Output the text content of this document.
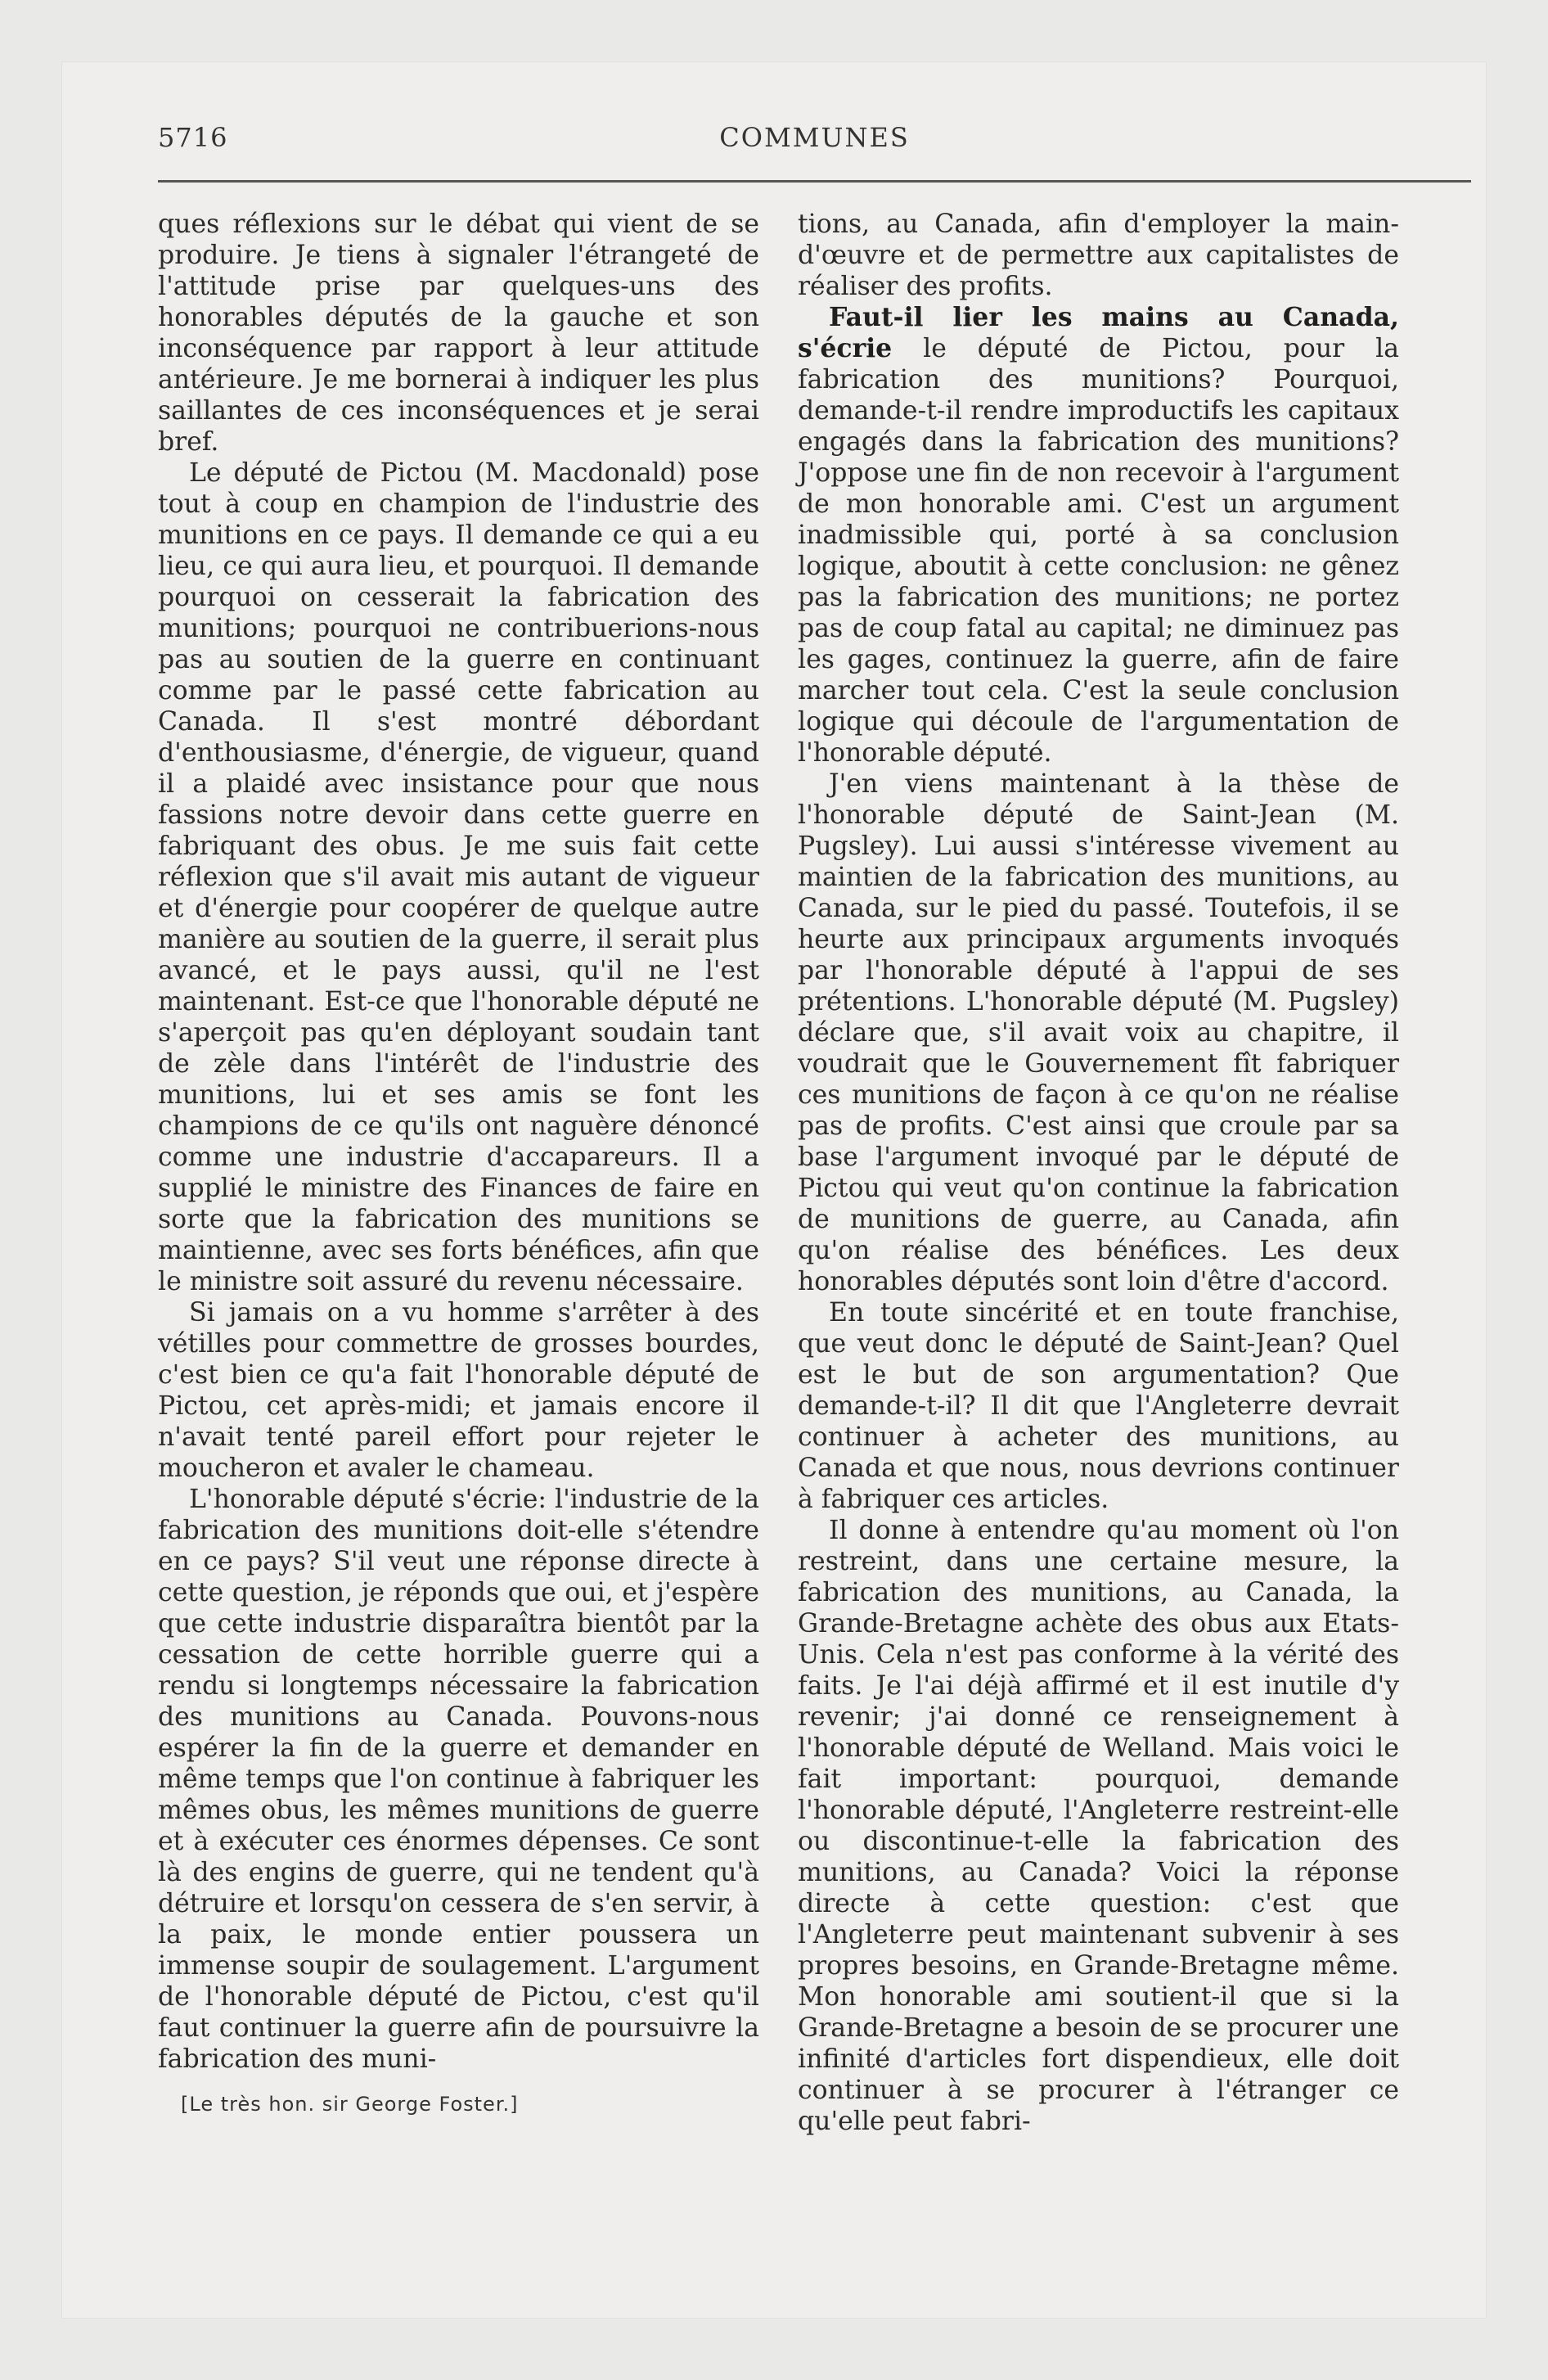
5716	COMMUNES

ques réflexions sur le débat qui vient de se produire. Je tiens à signaler l'étrangeté de l'attitude prise par quelques-uns des honorables députés de la gauche et son inconséquence par rapport à leur attitude antérieure. Je me bornerai à indiquer les plus saillantes de ces inconséquences et je serai bref.

Le député de Pictou (M. Macdonald) pose tout à coup en champion de l'industrie des munitions en ce pays. Il demande ce qui a eu lieu, ce qui aura lieu, et pourquoi. Il demande pourquoi on cesserait la fabrication des munitions; pourquoi ne contribuerions-nous pas au soutien de la guerre en continuant comme par le passé cette fabrication au Canada. Il s'est montré débordant d'enthousiasme, d'énergie, de vigueur, quand il a plaidé avec insistance pour que nous fassions notre devoir dans cette guerre en fabriquant des obus. Je me suis fait cette réflexion que s'il avait mis autant de vigueur et d'énergie pour coopérer de quelque autre manière au soutien de la guerre, il serait plus avancé, et le pays aussi, qu'il ne l'est maintenant. Est-ce que l'honorable député ne s'aperçoit pas qu'en déployant soudain tant de zèle dans l'intérêt de l'industrie des munitions, lui et ses amis se font les champions de ce qu'ils ont naguère dénoncé comme une industrie d'accapareurs. Il a supplié le ministre des Finances de faire en sorte que la fabrication des munitions se maintienne, avec ses forts bénéfices, afin que le ministre soit assuré du revenu nécessaire.

Si jamais on a vu homme s'arrêter à des vétilles pour commettre de grosses bourdes, c'est bien ce qu'a fait l'honorable député de Pictou, cet après-midi; et jamais encore il n'avait tenté pareil effort pour rejeter le moucheron et avaler le chameau.

L'honorable député s'écrie: l'industrie de la fabrication des munitions doit-elle s'étendre en ce pays? S'il veut une réponse directe à cette question, je réponds que oui, et j'espère que cette industrie disparaîtra bientôt par la cessation de cette horrible guerre qui a rendu si longtemps nécessaire la fabrication des munitions au Canada. Pouvons-nous espérer la fin de la guerre et demander en même temps que l'on continue à fabriquer les mêmes obus, les mêmes munitions de guerre et à exécuter ces énormes dépenses. Ce sont là des engins de guerre, qui ne tendent qu'à détruire et lorsqu'on cessera de s'en servir, à la paix, le monde entier poussera un immense soupir de soulagement. L'argument de l'honorable député de Pictou, c'est qu'il faut continuer la guerre afin de poursuivre la fabrication des muni-

[Le très hon. sir George Foster.]

tions, au Canada, afin d'employer la main-d'œuvre et de permettre aux capitalistes de réaliser des profits.

Faut-il lier les mains au Canada, s'écrie le député de Pictou, pour la fabrication des munitions? Pourquoi, demande-t-il rendre improductifs les capitaux engagés dans la fabrication des munitions? J'oppose une fin de non recevoir à l'argument de mon honorable ami. C'est un argument inadmissible qui, porté à sa conclusion logique, aboutit à cette conclusion: ne gênez pas la fabrication des munitions; ne portez pas de coup fatal au capital; ne diminuez pas les gages, continuez la guerre, afin de faire marcher tout cela. C'est la seule conclusion logique qui découle de l'argumentation de l'honorable député.

J'en viens maintenant à la thèse de l'honorable député de Saint-Jean (M. Pugsley). Lui aussi s'intéresse vivement au maintien de la fabrication des munitions, au Canada, sur le pied du passé. Toutefois, il se heurte aux principaux arguments invoqués par l'honorable député à l'appui de ses prétentions. L'honorable député (M. Pugsley) déclare que, s'il avait voix au chapitre, il voudrait que le Gouvernement fît fabriquer ces munitions de façon à ce qu'on ne réalise pas de profits. C'est ainsi que croule par sa base l'argument invoqué par le député de Pictou qui veut qu'on continue la fabrication de munitions de guerre, au Canada, afin qu'on réalise des bénéfices. Les deux honorables députés sont loin d'être d'accord.

En toute sincérité et en toute franchise, que veut donc le député de Saint-Jean? Quel est le but de son argumentation? Que demande-t-il? Il dit que l'Angleterre devrait continuer à acheter des munitions, au Canada et que nous, nous devrions continuer à fabriquer ces articles.

Il donne à entendre qu'au moment où l'on restreint, dans une certaine mesure, la fabrication des munitions, au Canada, la Grande-Bretagne achète des obus aux Etats-Unis. Cela n'est pas conforme à la vérité des faits. Je l'ai déjà affirmé et il est inutile d'y revenir; j'ai donné ce renseignement à l'honorable député de Welland. Mais voici le fait important: pourquoi, demande l'honorable député, l'Angleterre restreint-elle ou discontinue-t-elle la fabrication des munitions, au Canada? Voici la réponse directe à cette question: c'est que l'Angleterre peut maintenant subvenir à ses propres besoins, en Grande-Bretagne même. Mon honorable ami soutient-il que si la Grande-Bretagne a besoin de se procurer une infinité d'articles fort dispendieux, elle doit continuer à se procurer à l'étranger ce qu'elle peut fabri-
